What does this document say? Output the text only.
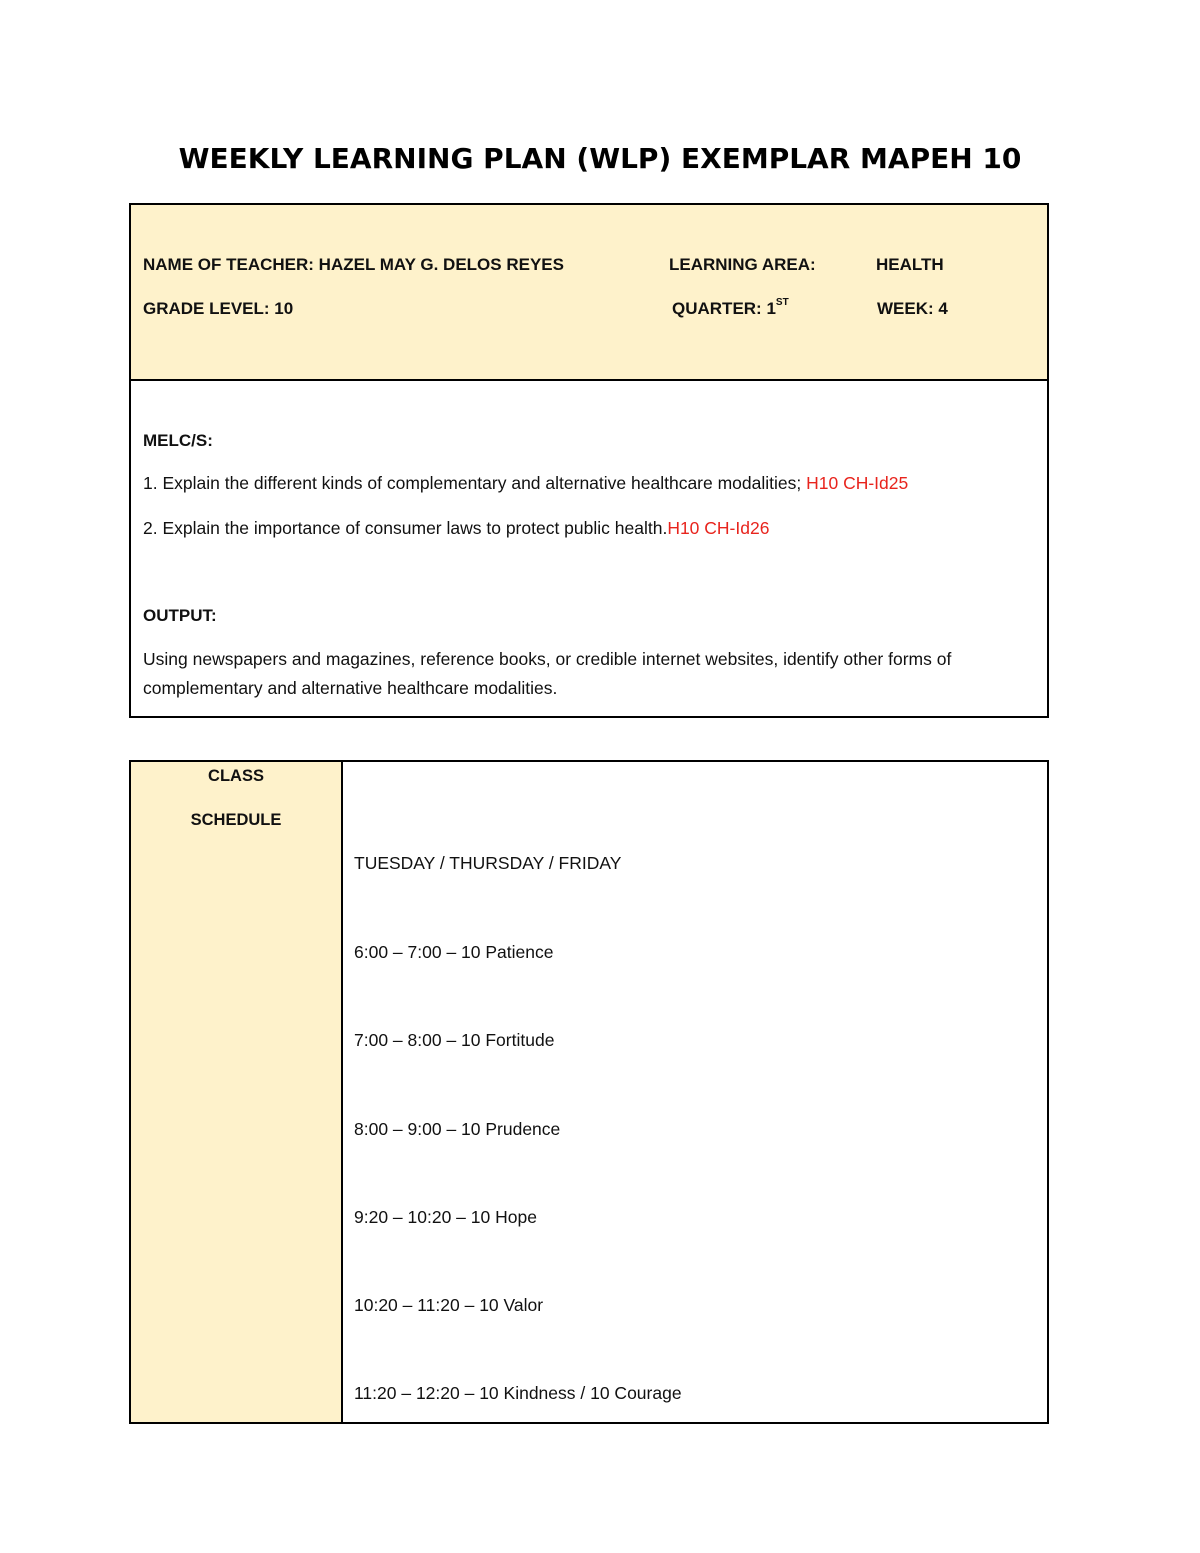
WEEKLY LEARNING PLAN (WLP) EXEMPLAR MAPEH 10
NAME OF TEACHER: HAZEL MAY G. DELOS REYES	LEARNING AREA:	HEALTH
GRADE LEVEL: 10	QUARTER: 1ST	WEEK: 4
MELC/S:
1. Explain the different kinds of complementary and alternative healthcare modalities; H10 CH-Id25
2. Explain the importance of consumer laws to protect public health.H10 CH-Id26
OUTPUT:
Using newspapers and magazines, reference books, or credible internet websites, identify other forms of complementary and alternative healthcare modalities.
CLASS
SCHEDULE
TUESDAY / THURSDAY / FRIDAY
6:00 – 7:00 – 10 Patience
7:00 – 8:00 – 10 Fortitude
8:00 – 9:00 – 10 Prudence
9:20 – 10:20 – 10 Hope
10:20 – 11:20 – 10 Valor
11:20 – 12:20 – 10 Kindness / 10 Courage
